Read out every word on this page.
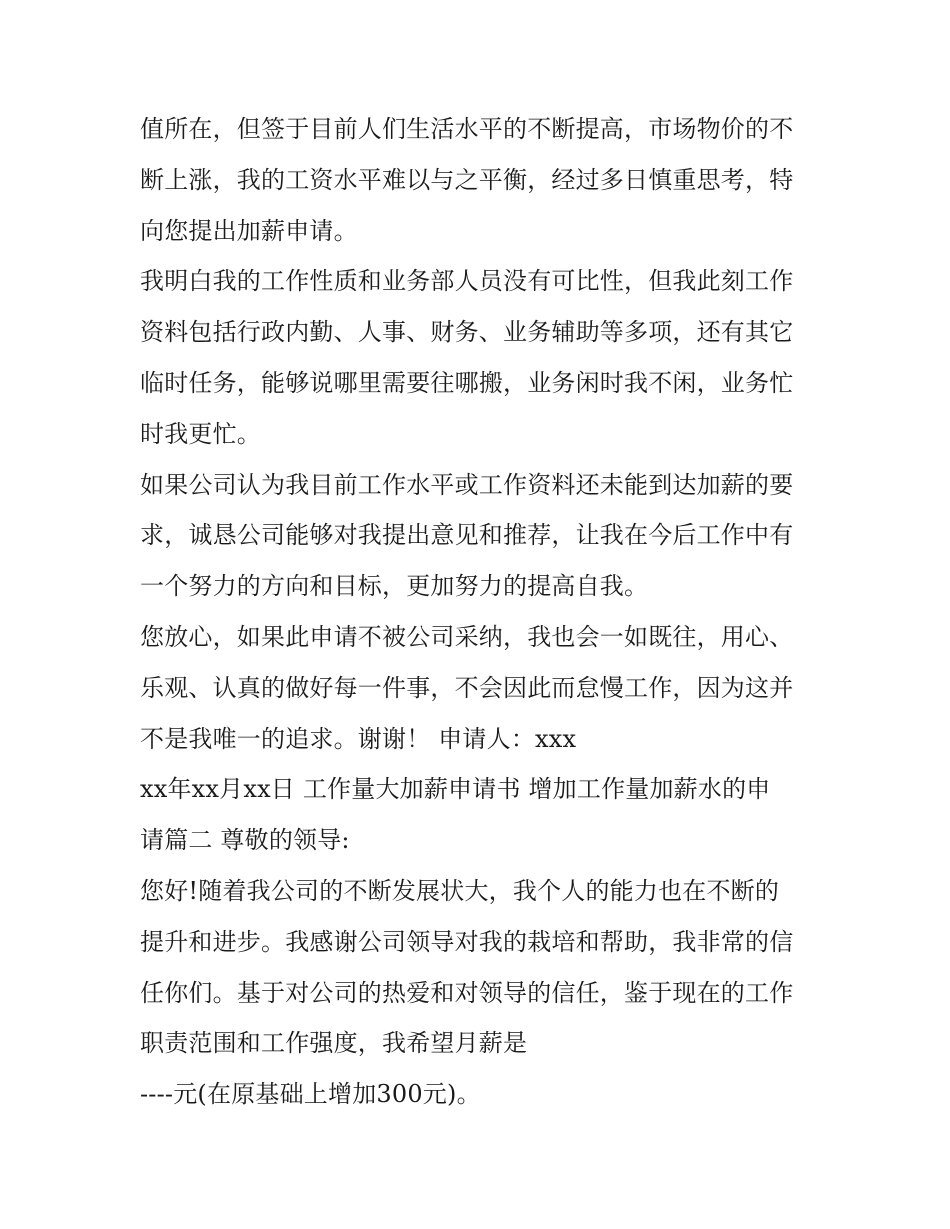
值所在，但签于目前人们生活水平的不断提高，市场物价的不
断上涨，我的工资水平难以与之平衡，经过多日慎重思考，特
向您提出加薪申请。
我明白我的工作性质和业务部人员没有可比性，但我此刻工作
资料包括行政内勤、人事、财务、业务辅助等多项，还有其它
临时任务，能够说哪里需要往哪搬，业务闲时我不闲，业务忙
时我更忙。
如果公司认为我目前工作水平或工作资料还未能到达加薪的要
求，诚恳公司能够对我提出意见和推荐，让我在今后工作中有
一个努力的方向和目标，更加努力的提高自我。
您放心，如果此申请不被公司采纳，我也会一如既往，用心、
乐观、认真的做好每一件事，不会因此而怠慢工作，因为这并
不是我唯一的追求。谢谢！ 申请人：xxx
xx年xx月xx日 工作量大加薪申请书 增加工作量加薪水的申
请篇二 尊敬的领导:
您好!随着我公司的不断发展状大，我个人的能力也在不断的
提升和进步。我感谢公司领导对我的栽培和帮助，我非常的信
任你们。基于对公司的热爱和对领导的信任，鉴于现在的工作
职责范围和工作强度，我希望月薪是
----元(在原基础上增加300元)。
